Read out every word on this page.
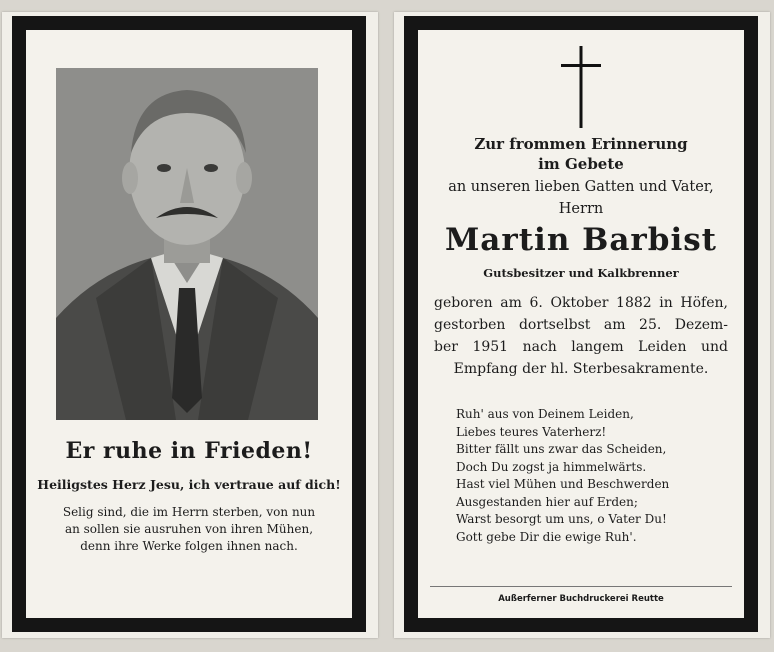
Er ruhe in Frieden!
Heiligstes Herz Jesu, ich vertraue auf dich!
Selig sind, die im Herrn sterben, von nun
an sollen sie ausruhen von ihren Mühen,
denn ihre Werke folgen ihnen nach.
Zur frommen Erinnerung
im Gebete
an unseren lieben Gatten und Vater,
Herrn
Martin Barbist
Gutsbesitzer und Kalkbrenner
geboren am 6. Oktober 1882 in Höfen,
gestorben dortselbst am 25. Dezem-
ber 1951 nach langem Leiden und
Empfang der hl. Sterbesakramente.
Ruh' aus von Deinem Leiden,
Liebes teures Vaterherz!
Bitter fällt uns zwar das Scheiden,
Doch Du zogst ja himmelwärts.
Hast viel Mühen und Beschwerden
Ausgestanden hier auf Erden;
Warst besorgt um uns, o Vater Du!
Gott gebe Dir die ewige Ruh'.
Außerferner Buchdruckerei Reutte
